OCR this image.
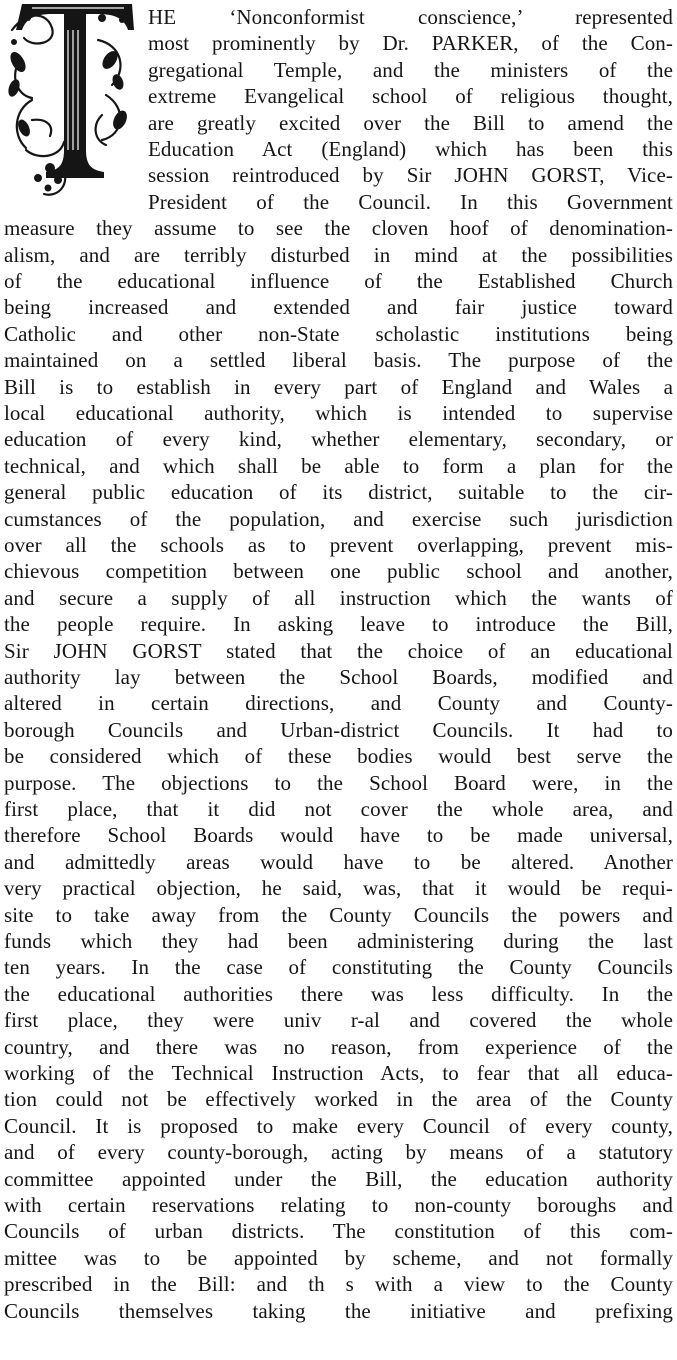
HE ‘Nonconformist conscience,’ represented
most prominently by Dr. P​ARKER, of the Con-
gregational Temple, and the ministers of the
extreme Evangelical school of religious thought,
are greatly excited over the Bill to amend the
Education Act (England) which has been this
session reintroduced by Sir J​OHN G​ORST, Vice-
President of the Council. In this Government
measure they assume to see the cloven hoof of denomination-
alism, and are terribly disturbed in mind at the possibilities
of the educational influence of the Established Church
being increased and extended and fair justice toward
Catholic and other non-State scholastic institutions being
maintained on a settled liberal basis. The purpose of the
Bill is to establish in every part of England and Wales a
local educational authority, which is intended to supervise
education of every kind, whether elementary, secondary, or
technical, and which shall be able to form a plan for the
general public education of its district, suitable to the cir-
cumstances of the population, and exercise such jurisdiction
over all the schools as to prevent overlapping, prevent mis-
chievous competition between one public school and another,
and secure a supply of all instruction which the wants of
the people require. In asking leave to introduce the Bill,
Sir J​OHN G​ORST stated that the choice of an educational
authority lay between the School Boards, modified and
altered in certain directions, and County and County-
borough Councils and Urban-district Councils. It had to
be considered which of these bodies would best serve the
purpose. The objections to the School Board were, in the
first place, that it did not cover the whole area, and
therefore School Boards would have to be made universal,
and admittedly areas would have to be altered. Another
very practical objection, he said, was, that it would be requi-
site to take away from the County Councils the powers and
funds which they had been administering during the last
ten years. In the case of constituting the County Councils
the educational authorities there was less difficulty. In the
first place, they were univ r-al and covered the whole
country, and there was no reason, from experience of the
working of the Technical Instruction Acts, to fear that all educa-
tion could not be effectively worked in the area of the County
Council. It is proposed to make every Council of every county,
and of every county-borough, acting by means of a statutory
committee appointed under the Bill, the education authority
with certain reservations relating to non-county boroughs and
Councils of urban districts. The constitution of this com-
mittee was to be appointed by scheme, and not formally
prescribed in the Bill: and th s with a view to the County
Councils themselves taking the initiative and prefixing
